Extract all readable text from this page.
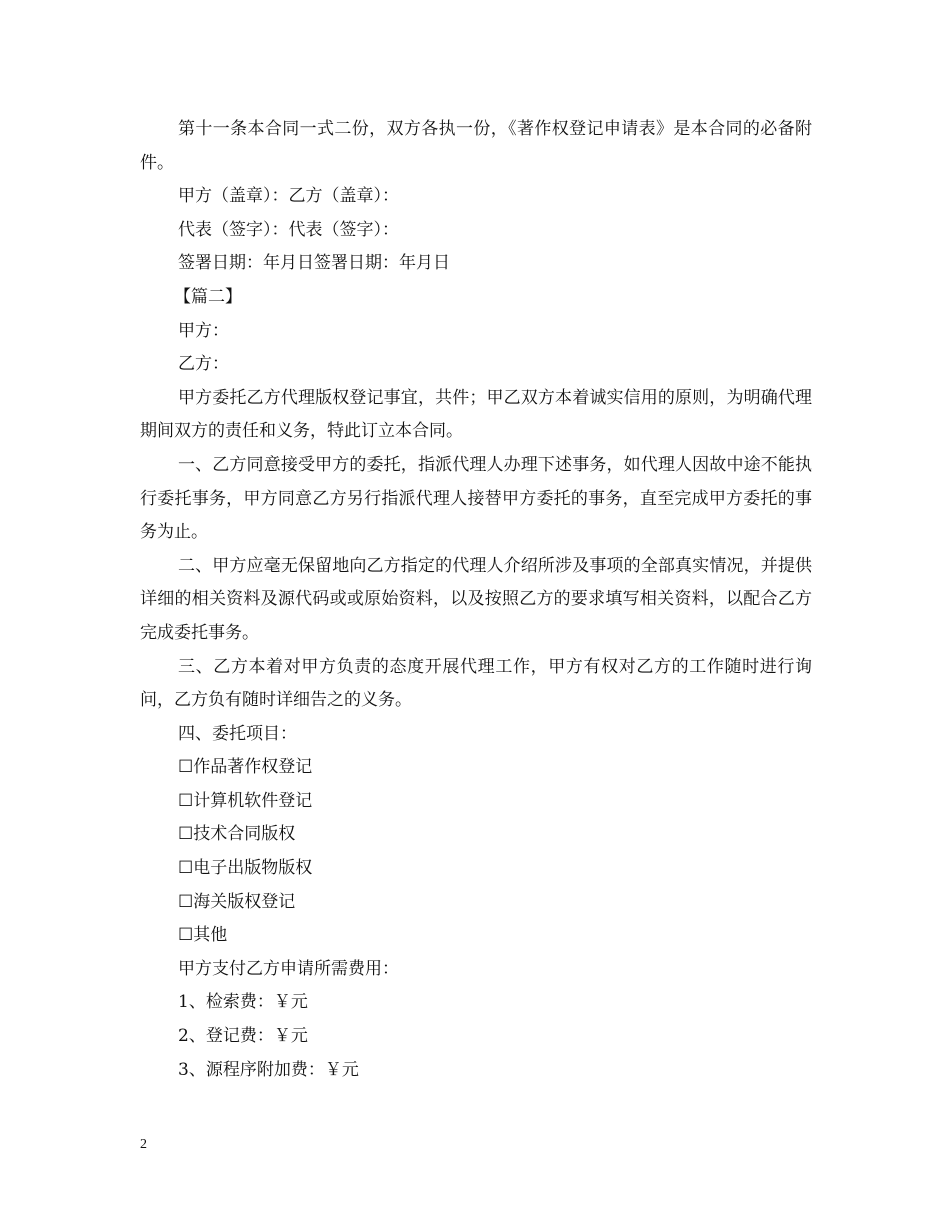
第十一条本合同一式二份，双方各执一份，《著作权登记申请表》是本合同的必备附件。

甲方（盖章）：乙方（盖章）：

代表（签字）：代表（签字）：

签署日期：年月日签署日期：年月日

【篇二】

甲方：

乙方：

甲方委托乙方代理版权登记事宜，共件；甲乙双方本着诚实信用的原则，为明确代理期间双方的责任和义务，特此订立本合同。

一、乙方同意接受甲方的委托，指派代理人办理下述事务，如代理人因故中途不能执行委托事务，甲方同意乙方另行指派代理人接替甲方委托的事务，直至完成甲方委托的事务为止。

二、甲方应毫无保留地向乙方指定的代理人介绍所涉及事项的全部真实情况，并提供详细的相关资料及源代码或或原始资料，以及按照乙方的要求填写相关资料，以配合乙方完成委托事务。

三、乙方本着对甲方负责的态度开展代理工作，甲方有权对乙方的工作随时进行询问，乙方负有随时详细告之的义务。

四、委托项目：

☐作品著作权登记

☐计算机软件登记

☐技术合同版权

☐电子出版物版权

☐海关版权登记

☐其他

甲方支付乙方申请所需费用：

1、检索费：￥元

2、登记费：￥元

3、源程序附加费：￥元

2
